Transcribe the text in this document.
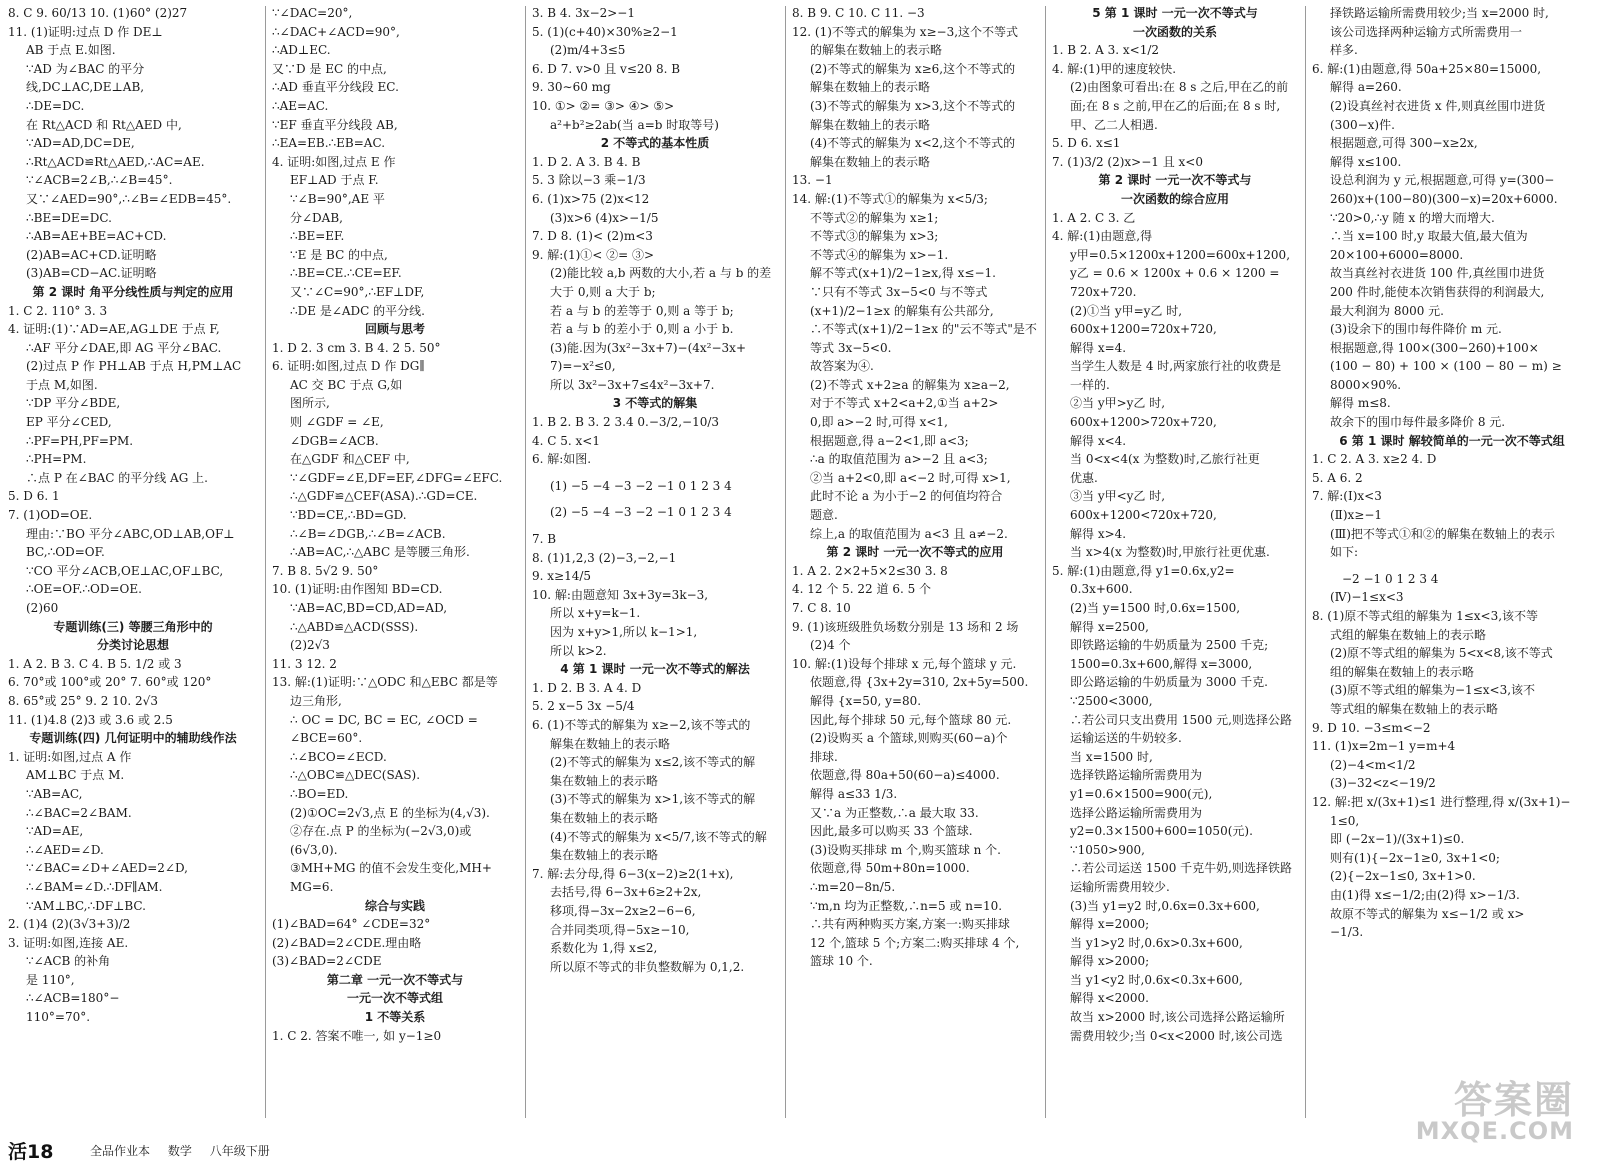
8. C 9. 60/13 10. (1)60° (2)27
11. (1)证明:过点 D 作 DE⊥
AB 于点 E.如图.
∵AD 为∠BAC 的平分
线,DC⊥AC,DE⊥AB,
∴DE=DC.
在 Rt△ACD 和 Rt△AED 中,
∵AD=AD,DC=DE,
∴Rt△ACD≌Rt△AED,∴AC=AE.
∵∠ACB=2∠B,∴∠B=45°.
又∵∠AED=90°,∴∠B=∠EDB=45°.
∴BE=DE=DC.
∴AB=AE+BE=AC+CD.
(2)AB=AC+CD.证明略
(3)AB=CD−AC.证明略
第 2 课时 角平分线性质与判定的应用
1. C 2. 110° 3. 3
4. 证明:(1)∵AD=AE,AG⊥DE 于点 F,
∴AF 平分∠DAE,即 AG 平分∠BAC.
(2)过点 P 作 PH⊥AB 于点 H,PM⊥AC
于点 M,如图.
∵DP 平分∠BDE,
EP 平分∠CED,
∴PF=PH,PF=PM.
∴PH=PM.
∴点 P 在∠BAC 的平分线 AG 上.
5. D 6. 1
7. (1)OD=OE.
理由:∵BO 平分∠ABC,OD⊥AB,OF⊥
BC,∴OD=OF.
∵CO 平分∠ACB,OE⊥AC,OF⊥BC,
∴OE=OF.∴OD=OE.
(2)60
专题训练(三) 等腰三角形中的
分类讨论思想
1. A 2. B 3. C 4. B 5. 1/2 或 3
6. 70°或 100°或 20° 7. 60°或 120°
8. 65°或 25° 9. 2 10. 2√3
11. (1)4.8 (2)3 或 3.6 或 2.5
专题训练(四) 几何证明中的辅助线作法
1. 证明:如图,过点 A 作
AM⊥BC 于点 M.
∵AB=AC,
∴∠BAC=2∠BAM.
∵AD=AE,
∴∠AED=∠D.
∵∠BAC=∠D+∠AED=2∠D,
∴∠BAM=∠D.∴DF∥AM.
∵AM⊥BC,∴DF⊥BC.
2. (1)4 (2)(3√3+3)/2
3. 证明:如图,连接 AE.
∵∠ACB 的补角
是 110°,
∴∠ACB=180°−
110°=70°.
∵∠DAC=20°,
∴∠DAC+∠ACD=90°,
∴AD⊥EC.
又∵D 是 EC 的中点,
∴AD 垂直平分线段 EC.
∴AE=AC.
∵EF 垂直平分线段 AB,
∴EA=EB.∴EB=AC.
4. 证明:如图,过点 E 作
EF⊥AD 于点 F.
∵∠B=90°,AE 平
分∠DAB,
∴BE=EF.
∵E 是 BC 的中点,
∴BE=CE.∴CE=EF.
又∵∠C=90°,∴EF⊥DF,
∴DE 是∠ADC 的平分线.
回顾与思考
1. D 2. 3 cm 3. B 4. 2 5. 50°
6. 证明:如图,过点 D 作 DG∥
AC 交 BC 于点 G,如
图所示,
则 ∠GDF = ∠E,
∠DGB=∠ACB.
在△GDF 和△CEF 中,
∵∠GDF=∠E,DF=EF,∠DFG=∠EFC.
∴△GDF≌△CEF(ASA).∴GD=CE.
∵BD=CE,∴BD=GD.
∴∠B=∠DGB,∴∠B=∠ACB.
∴AB=AC,∴△ABC 是等腰三角形.
7. B 8. 5√2 9. 50°
10. (1)证明:由作图知 BD=CD.
∵AB=AC,BD=CD,AD=AD,
∴△ABD≌△ACD(SSS).
(2)2√3
11. 3 12. 2
13. 解:(1)证明:∵△ODC 和△EBC 都是等
边三角形,
∴ OC = DC, BC = EC, ∠OCD =
∠BCE=60°.
∴∠BCO=∠ECD.
∴△OBC≌△DEC(SAS).
∴BO=ED.
(2)①OC=2√3,点 E 的坐标为(4,√3).
②存在.点 P 的坐标为(−2√3,0)或
(6√3,0).
③MH+MG 的值不会发生变化,MH+
MG=6.
综合与实践
(1)∠BAD=64° ∠CDE=32°
(2)∠BAD=2∠CDE.理由略
(3)∠BAD=2∠CDE
第二章 一元一次不等式与
一元一次不等式组
1 不等关系
1. C 2. 答案不唯一, 如 y−1≥0
3. B 4. 3x−2>−1
5. (1)(c+40)×30%≥2−1
(2)m/4+3≤5
6. D 7. v>0 且 v≤20 8. B
9. 30∼60 mg
10. ①> ②= ③> ④> ⑤>
a²+b²≥2ab(当 a=b 时取等号)
2 不等式的基本性质
1. D 2. A 3. B 4. B
5. 3 除以−3 乘−1/3
6. (1)x>75 (2)x<12
(3)x>6 (4)x>−1/5
7. D 8. (1)< (2)m<3
9. 解:(1)①< ②= ③>
(2)能比较 a,b 两数的大小,若 a 与 b 的差
大于 0,则 a 大于 b;
若 a 与 b 的差等于 0,则 a 等于 b;
若 a 与 b 的差小于 0,则 a 小于 b.
(3)能.因为(3x²−3x+7)−(4x²−3x+
7)=−x²≤0,
所以 3x²−3x+7≤4x²−3x+7.
3 不等式的解集
1. B 2. B 3. 2 3.4 0.−3/2,−10/3
4. C 5. x<1
6. 解:如图.
(1) −5 −4 −3 −2 −1 0 1 2 3 4
(2) −5 −4 −3 −2 −1 0 1 2 3 4
7. B
8. (1)1,2,3 (2)−3,−2,−1
9. x≥14/5
10. 解:由题意知 3x+3y=3k−3,
所以 x+y=k−1.
因为 x+y>1,所以 k−1>1,
所以 k>2.
4 第 1 课时 一元一次不等式的解法
1. D 2. B 3. A 4. D
5. 2 x−5 3x −5/4
6. (1)不等式的解集为 x≥−2,该不等式的
解集在数轴上的表示略
(2)不等式的解集为 x≤2,该不等式的解
集在数轴上的表示略
(3)不等式的解集为 x>1,该不等式的解
集在数轴上的表示略
(4)不等式的解集为 x<5/7,该不等式的解
集在数轴上的表示略
7. 解:去分母,得 6−3(x−2)≥2(1+x),
去括号,得 6−3x+6≥2+2x,
移项,得−3x−2x≥2−6−6,
合并同类项,得−5x≥−10,
系数化为 1,得 x≤2,
所以原不等式的非负整数解为 0,1,2.
8. B 9. C 10. C 11. −3
12. (1)不等式的解集为 x≥−3,这个不等式
的解集在数轴上的表示略
(2)不等式的解集为 x≥6,这个不等式的
解集在数轴上的表示略
(3)不等式的解集为 x>3,这个不等式的
解集在数轴上的表示略
(4)不等式的解集为 x<2,这个不等式的
解集在数轴上的表示略
13. −1
14. 解:(1)不等式①的解集为 x<5/3;
不等式②的解集为 x≥1;
不等式③的解集为 x>3;
不等式④的解集为 x>−1.
解不等式(x+1)/2−1≥x,得 x≤−1.
∵只有不等式 3x−5<0 与不等式
(x+1)/2−1≥x 的解集有公共部分,
∴不等式(x+1)/2−1≥x 的"云不等式"是不
等式 3x−5<0.
故答案为④.
(2)不等式 x+2≥a 的解集为 x≥a−2,
对于不等式 x+2<a+2,①当 a+2>
0,即 a>−2 时,可得 x<1,
根据题意,得 a−2<1,即 a<3;
∴a 的取值范围为 a>−2 且 a<3;
②当 a+2<0,即 a<−2 时,可得 x>1,
此时不论 a 为小于−2 的何值均符合
题意.
综上,a 的取值范围为 a<3 且 a≠−2.
第 2 课时 一元一次不等式的应用
1. A 2. 2×2+5×2≤30 3. 8
4. 12 个 5. 22 道 6. 5 个
7. C 8. 10
9. (1)该班级胜负场数分别是 13 场和 2 场
(2)4 个
10. 解:(1)设每个排球 x 元,每个篮球 y 元.
依题意,得 {3x+2y=310, 2x+5y=500.
解得 {x=50, y=80.
因此,每个排球 50 元,每个篮球 80 元.
(2)设购买 a 个篮球,则购买(60−a)个
排球.
依题意,得 80a+50(60−a)≤4000.
解得 a≤33 1/3.
又∵a 为正整数,∴a 最大取 33.
因此,最多可以购买 33 个篮球.
(3)设购买排球 m 个,购买篮球 n 个.
依题意,得 50m+80n=1000.
∴m=20−8n/5.
∵m,n 均为正整数,∴n=5 或 n=10.
∴共有两种购买方案,方案一:购买排球
12 个,篮球 5 个;方案二:购买排球 4 个,
篮球 10 个.
5 第 1 课时 一元一次不等式与
一次函数的关系
1. B 2. A 3. x<1/2
4. 解:(1)甲的速度较快.
(2)由图象可看出:在 8 s 之后,甲在乙的前
面;在 8 s 之前,甲在乙的后面;在 8 s 时,
甲、乙二人相遇.
5. D 6. x≤1
7. (1)3/2 (2)x>−1 且 x<0
第 2 课时 一元一次不等式与
一次函数的综合应用
1. A 2. C 3. 乙
4. 解:(1)由题意,得
y甲=0.5×1200x+1200=600x+1200,
y乙 = 0.6 × 1200x + 0.6 × 1200 =
720x+720.
(2)①当 y甲=y乙 时,
600x+1200=720x+720,
解得 x=4.
当学生人数是 4 时,两家旅行社的收费是
一样的.
②当 y甲>y乙 时,
600x+1200>720x+720,
解得 x<4.
当 0<x<4(x 为整数)时,乙旅行社更
优惠.
③当 y甲<y乙 时,
600x+1200<720x+720,
解得 x>4.
当 x>4(x 为整数)时,甲旅行社更优惠.
5. 解:(1)由题意,得 y1=0.6x,y2=
0.3x+600.
(2)当 y=1500 时,0.6x=1500,
解得 x=2500,
即铁路运输的牛奶质量为 2500 千克;
1500=0.3x+600,解得 x=3000,
即公路运输的牛奶质量为 3000 千克.
∵2500<3000,
∴若公司只支出费用 1500 元,则选择公路
运输运送的牛奶较多.
当 x=1500 时,
选择铁路运输所需费用为
y1=0.6×1500=900(元),
选择公路运输所需费用为
y2=0.3×1500+600=1050(元).
∵1050>900,
∴若公司运送 1500 千克牛奶,则选择铁路
运输所需费用较少.
(3)当 y1=y2 时,0.6x=0.3x+600,
解得 x=2000;
当 y1>y2 时,0.6x>0.3x+600,
解得 x>2000;
当 y1<y2 时,0.6x<0.3x+600,
解得 x<2000.
故当 x>2000 时,该公司选择公路运输所
需费用较少;当 0<x<2000 时,该公司选
择铁路运输所需费用较少;当 x=2000 时,
该公司选择两种运输方式所需费用一
样多.
6. 解:(1)由题意,得 50a+25×80=15000,
解得 a=260.
(2)设真丝衬衣进货 x 件,则真丝围巾进货
(300−x)件.
根据题意,可得 300−x≥2x,
解得 x≤100.
设总利润为 y 元,根据题意,可得 y=(300−
260)x+(100−80)(300−x)=20x+6000.
∵20>0,∴y 随 x 的增大而增大.
∴当 x=100 时,y 取最大值,最大值为
20×100+6000=8000.
故当真丝衬衣进货 100 件,真丝围巾进货
200 件时,能使本次销售获得的利润最大,
最大利润为 8000 元.
(3)设余下的围巾每件降价 m 元.
根据题意,得 100×(300−260)+100×
(100 − 80) + 100 × (100 − 80 − m) ≥
8000×90%.
解得 m≤8.
故余下的围巾每件最多降价 8 元.
6 第 1 课时 解较简单的一元一次不等式组
1. C 2. A 3. x≥2 4. D
5. A 6. 2
7. 解:(Ⅰ)x<3
(Ⅱ)x≥−1
(Ⅲ)把不等式①和②的解集在数轴上的表示
如下:
−2 −1 0 1 2 3 4
(Ⅳ)−1≤x<3
8. (1)原不等式组的解集为 1≤x<3,该不等
式组的解集在数轴上的表示略
(2)原不等式组的解集为 5<x<8,该不等式
组的解集在数轴上的表示略
(3)原不等式组的解集为−1≤x<3,该不
等式组的解集在数轴上的表示略
9. D 10. −3≤m<−2
11. (1)x=2m−1 y=m+4
(2)−4<m<1/2
(3)−32<z<−19/2
12. 解:把 x/(3x+1)≤1 进行整理,得 x/(3x+1)−
1≤0,
即 (−2x−1)/(3x+1)≤0.
则有(1){−2x−1≥0, 3x+1<0;
(2){−2x−1≤0, 3x+1>0.
由(1)得 x≤−1/2;由(2)得 x>−1/3.
故原不等式的解集为 x≤−1/2 或 x>
−1/3.
活18	全品作业本 数学 八年级下册
答案圈
MXQE.COM
